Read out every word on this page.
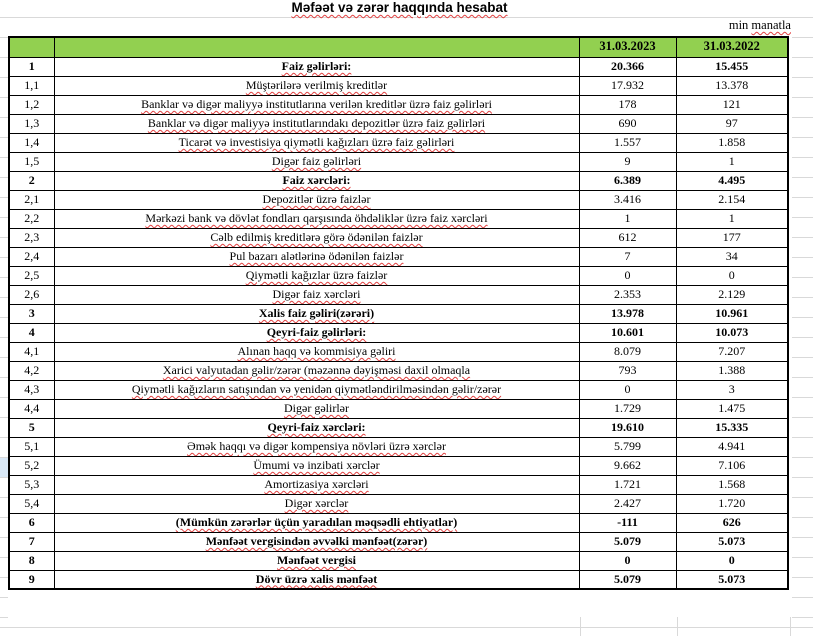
Məfəət və zərər haqqında hesabat
min manatla
		31.03.2023	31.03.2022
1	Faiz gəlirləri:	20.366	15.455
1,1	Müştərilərə verilmiş kreditlər	17.932	13.378
1,2	Banklar və digər maliyyə institutlarına verilən kreditlər üzrə faiz gəlirləri	178	121
1,3	Banklar və digər maliyyə institutlarındakı depozitlər üzrə faiz gəlirləri	690	97
1,4	Ticarət və investisiya qiymətli kağızları üzrə faiz gəlirləri	1.557	1.858
1,5	Digər faiz gəlirləri	9	1
2	Faiz xərcləri:	6.389	4.495
2,1	Depozitlər üzrə faizlər	3.416	2.154
2,2	Mərkəzi bank və dövlət fondları qarşısında öhdəliklər üzrə faiz xərcləri	1	1
2,3	Cəlb edilmiş kreditlərə görə ödənilən faizlər	612	177
2,4	Pul bazarı alətlərinə ödənilən faizlər	7	34
2,5	Qiymətli kağızlar üzrə faizlər	0	0
2,6	Digər faiz xərcləri	2.353	2.129
3	Xalis faiz gəliri(zərəri)	13.978	10.961
4	Qeyri-faiz gəlirləri:	10.601	10.073
4,1	Alınan haqq və kommisiya gəliri	8.079	7.207
4,2	Xarici valyutadan gəlir/zərər (məzənnə dəyişməsi daxil olmaqla	793	1.388
4,3	Qiymətli kağızların satışından və yenidən qiymətləndirilməsindən gəlir/zərər	0	3
4,4	Digər gəlirlər	1.729	1.475
5	Qeyri-faiz xərcləri:	19.610	15.335
5,1	Əmək haqqı və digər kompensiya növləri üzrə xərclər	5.799	4.941
5,2	Ümumi və inzibati xərclər	9.662	7.106
5,3	Amortizasiya xərcləri	1.721	1.568
5,4	Digər xərclər	2.427	1.720
6	(Mümkün zərərlər üçün yaradılan məqsədli ehtiyatlar)	-111	626
7	Mənfəət vergisindən əvvəlki mənfəət(zərər)	5.079	5.073
8	Mənfəət vergisi	0	0
9	Dövr üzrə xalis mənfəət	5.079	5.073
